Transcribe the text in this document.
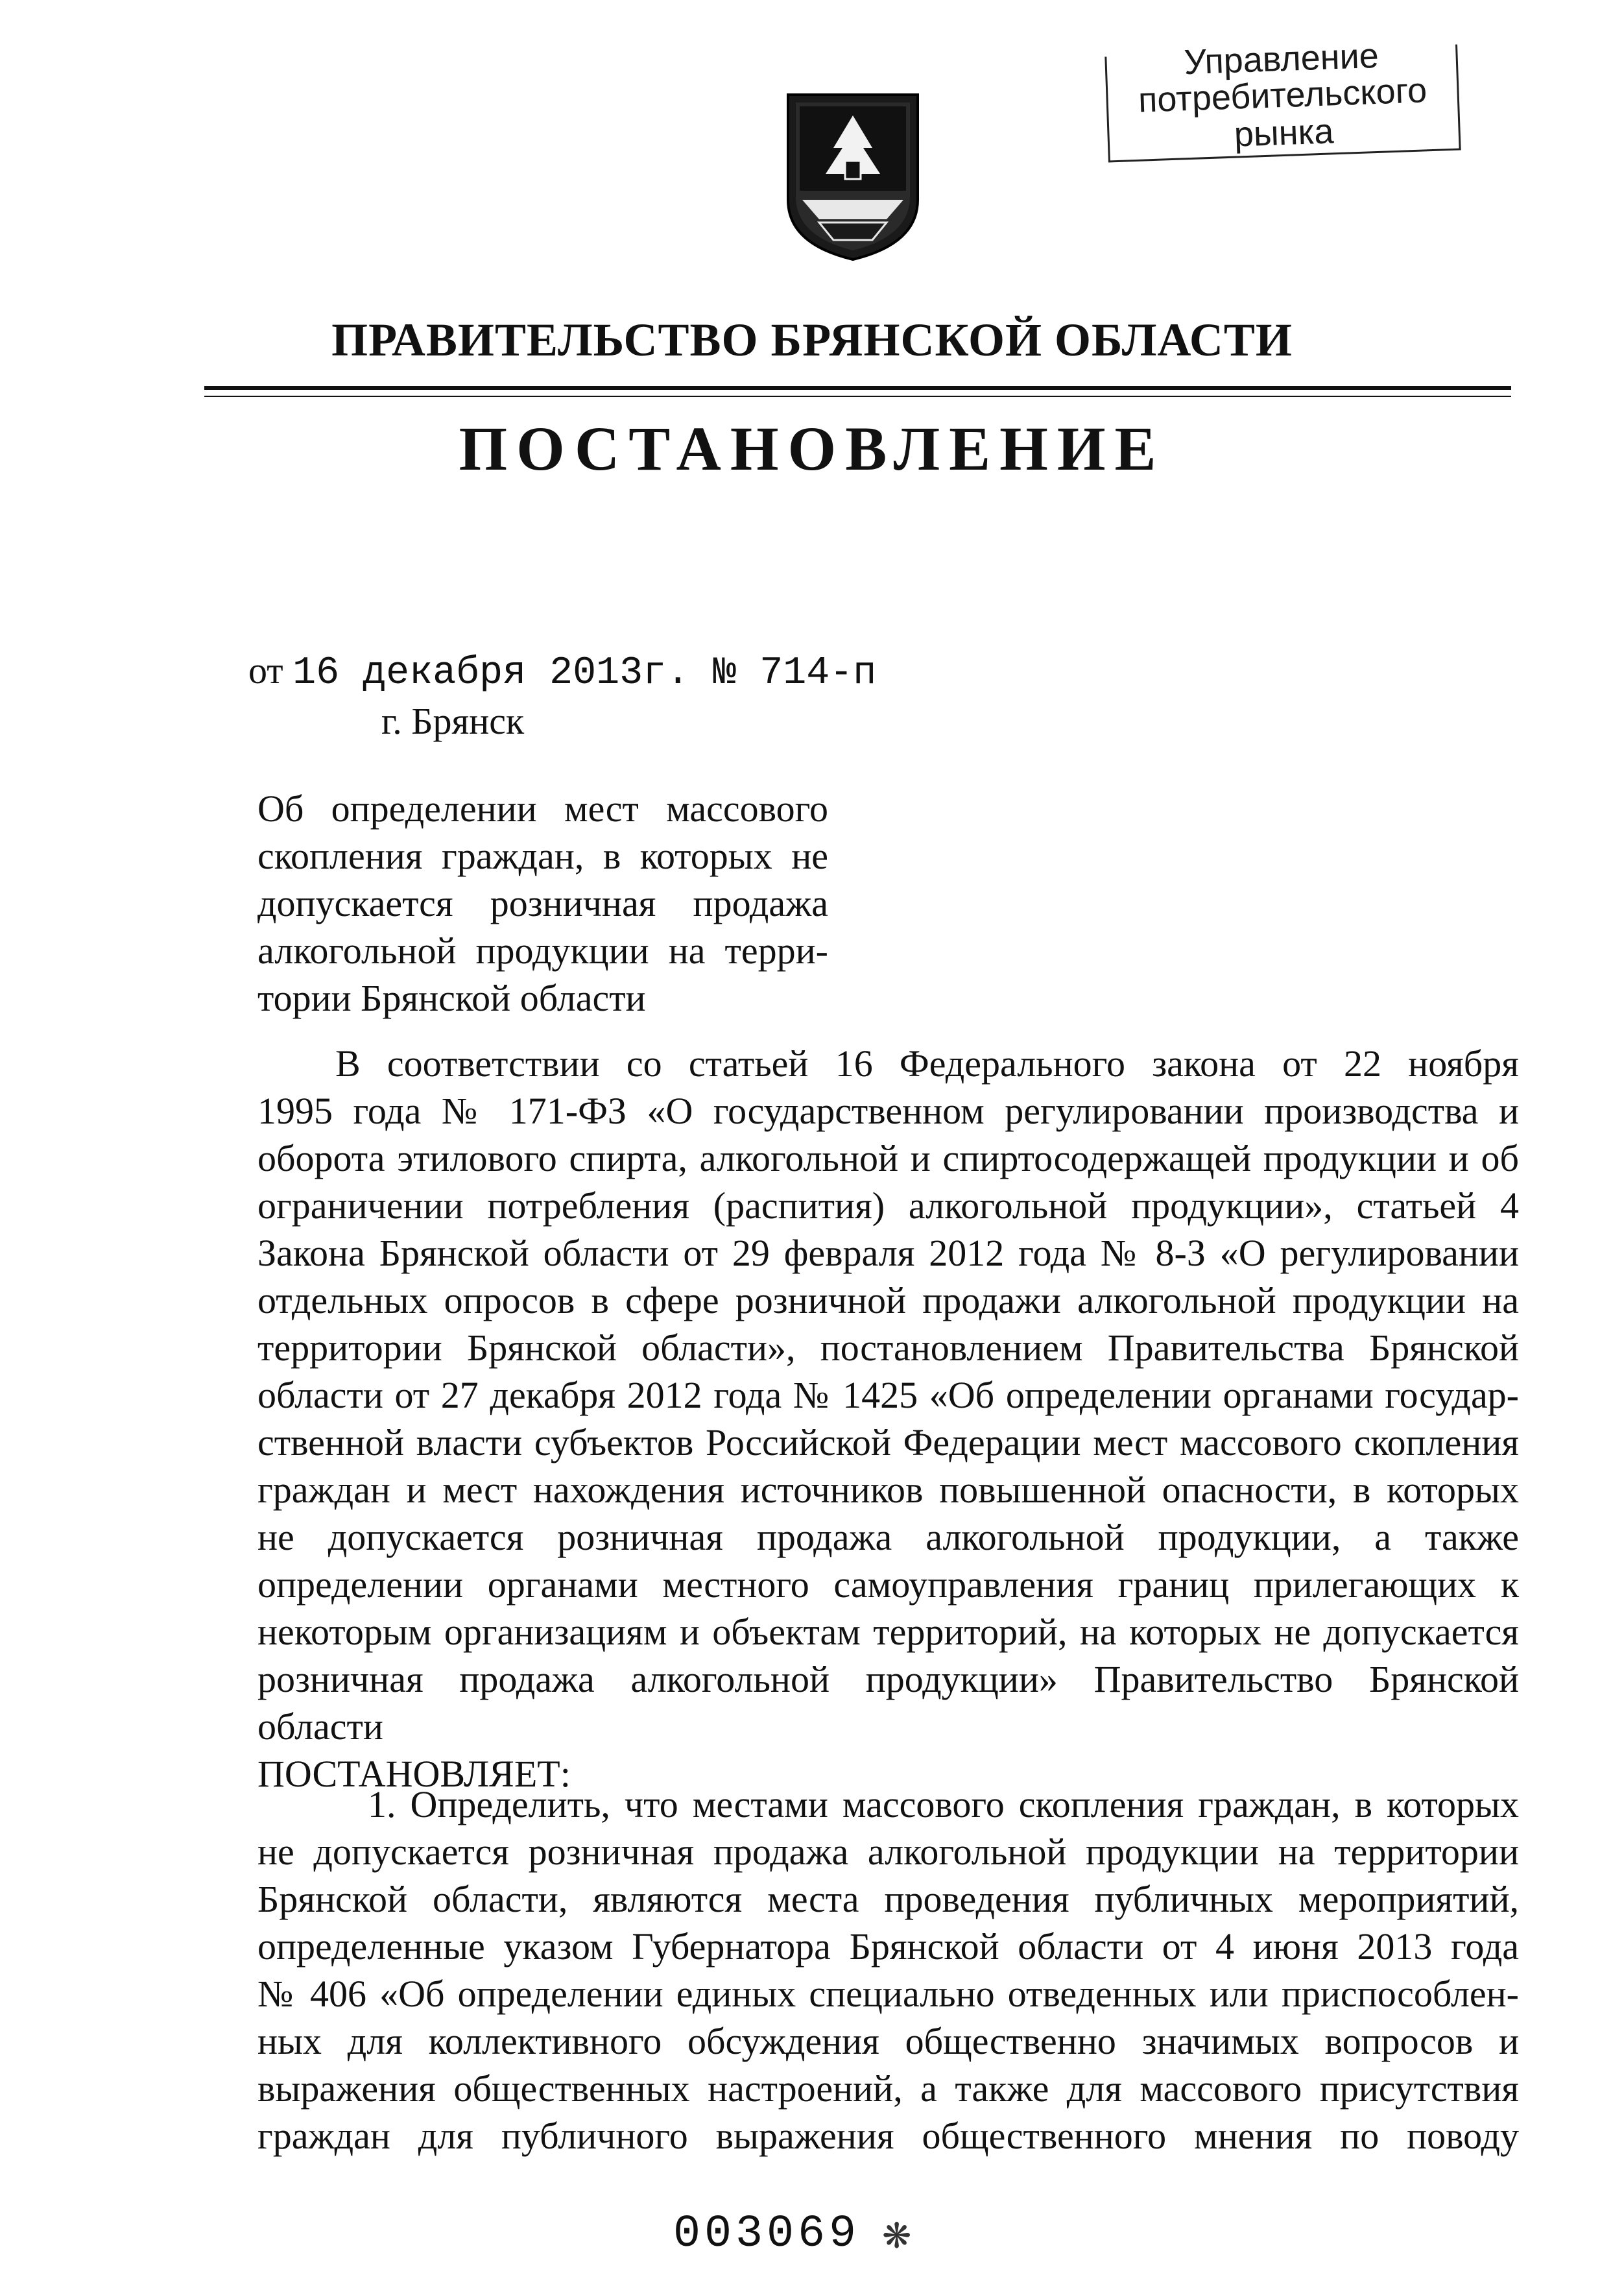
Управление
потребительского
рынка
ПРАВИТЕЛЬСТВО БРЯНСКОЙ ОБЛАСТИ
ПОСТАНОВЛЕНИЕ
от 16 декабря 2013г. № 714-п
г. Брянск
Об определении мест массового
скопления граждан, в которых не
допускается розничная продажа
алкогольной продукции на терри-
тории Брянской области
В соответствии со статьей 16 Федерального закона от 22 ноября
1995 года № 171-ФЗ «О государственном регулировании производства и
оборота этилового спирта, алкогольной и спиртосодержащей продукции и об
ограничении потребления (распития) алкогольной продукции», статьей 4
Закона Брянской области от 29 февраля 2012 года № 8-З «О регулировании
отдельных опросов в сфере розничной продажи алкогольной продукции на
территории Брянской области», постановлением Правительства Брянской
области от 27 декабря 2012 года № 1425 «Об определении органами государ-
ственной власти субъектов Российской Федерации мест массового скопления
граждан и мест нахождения источников повышенной опасности, в которых
не допускается розничная продажа алкогольной продукции, а также
определении органами местного самоуправления границ прилегающих к
некоторым организациям и объектам территорий, на которых не допускается
розничная продажа алкогольной продукции» Правительство Брянской
области
ПОСТАНОВЛЯЕТ:
1. Определить, что местами массового скопления граждан, в которых
не допускается розничная продажа алкогольной продукции на территории
Брянской области, являются места проведения публичных мероприятий,
определенные указом Губернатора Брянской области от 4 июня 2013 года
№ 406 «Об определении единых специально отведенных или приспособлен-
ных для коллективного обсуждения общественно значимых вопросов и
выражения общественных настроений, а также для массового присутствия
граждан для публичного выражения общественного мнения по поводу
003069 ❋
